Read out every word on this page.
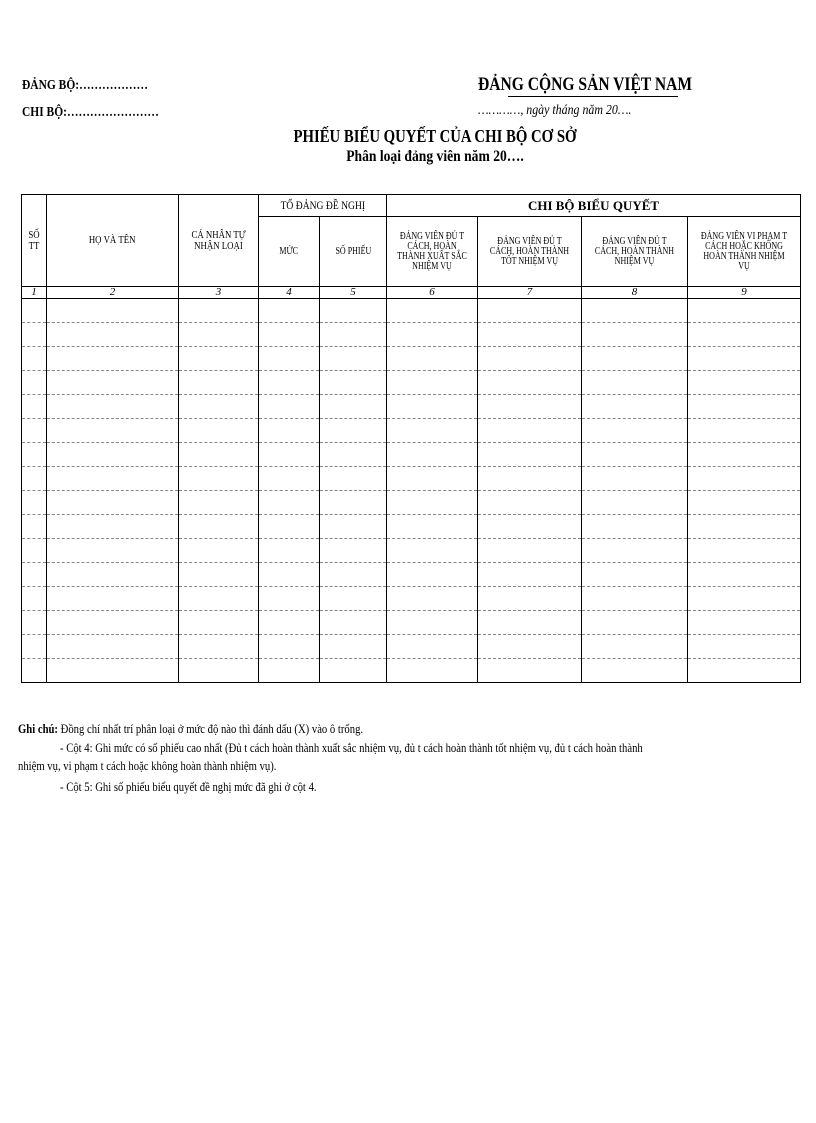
ĐẢNG BỘ:………………
CHI BỘ:……………………
ĐẢNG CỘNG SẢN VIỆT NAM
…………, ngày tháng năm 20….
PHIẾU BIỂU QUYẾT CỦA CHI BỘ CƠ SỞ
Phân loại đảng viên năm 20….
SỐ TT	HỌ VÀ TÊN	CÁ NHÂN TỰ NHẬN LOẠI	TỔ ĐẢNG ĐỀ NGHỊ		CHI BỘ BIỂU QUYẾT			
			MỨC	SỐ PHIẾU	ĐẢNG VIÊN ĐỦ T CÁCH, HOÀN THÀNH XUẤT SẮC NHIỆM VỤ	ĐẢNG VIÊN ĐỦ T CÁCH, HOÀN THÀNH TỐT NHIỆM VỤ	ĐẢNG VIÊN ĐỦ T CÁCH, HOÀN THÀNH NHIỆM VỤ	ĐẢNG VIÊN VI PHẠM T CÁCH HOẶC KHÔNG HOÀN THÀNH NHIỆM VỤ
1	2	3	4	5	6	7	8	9

Ghi chú: Đồng chí nhất trí phân loại ở mức độ nào thì đánh dấu (X) vào ô trống.
- Cột 4: Ghi mức có số phiếu cao nhất (Đủ t cách hoàn thành xuất sắc nhiệm vụ, đủ t cách hoàn thành tốt nhiệm vụ, đủ t cách hoàn thành
nhiệm vụ, vi phạm t cách hoặc không hoàn thành nhiệm vụ).
- Cột 5: Ghi số phiếu biểu quyết đề nghị mức đã ghi ở cột 4.
